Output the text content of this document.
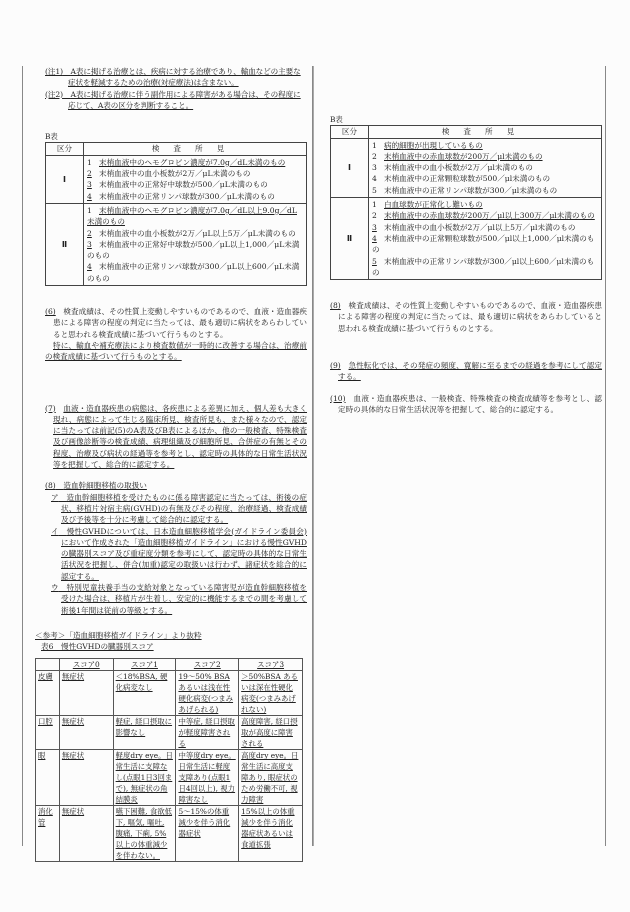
(注1)　 A表に掲げる治療とは、疾病に対する治療であり、輸血などの主要な症状を軽減するための治療(対症療法)は含まない。
(注2)　 A表に掲げる治療に伴う副作用による障害がある場合は、その程度に応じて、A表の区分を判断すること。
B表
区分	検査所見
Ⅰ	1 末梢血液中のヘモグロビン濃度が7.0g／dL未満のもの
2 末梢血液中の血小板数が2万／μL未満のもの
3 末梢血液中の正常好中球数が500／μL未満のもの
4 末梢血液中の正常リンパ球数が300／μL未満のもの

Ⅱ	1 末梢血液中のヘモグロビン濃度が7.0g／dL以上9.0g／dL未満のもの
2 末梢血液中の血小板数が2万／μL以上5万／μL未満のもの
3 末梢血液中の正常好中球数が500／μL以上1,000／μL未満のもの
4 末梢血液中の正常リンパ球数が300／μL以上600／μL未満のもの
(6)　 検査成績は、その性質上変動しやすいものであるので、血液・造血器疾患による障害の程度の判定に当たっては、最も適切に病状をあらわしていると思われる検査成績に基づいて行うものとする。
特に、輸血や補充療法により検査数値が一時的に改善する場合は、治療前の検査成績に基づいて行うものとする。
(7)　 血液・造血器疾患の病態は、各疾患による差異に加え、個人差も大きく現れ、病態によって生じる臨床所見、検査所見も、また様々なので、認定に当たっては前記(5)のA表及びB表によるほか、他の一般検査、特殊検査及び画像診断等の検査成績、病理組織及び細胞所見、合併症の有無とその程度、治療及び病状の経過等を参考とし、認定時の具体的な日常生活状況等を把握して、総合的に認定する。
(8)　 造血幹細胞移植の取扱い
ア　 造血幹細胞移植を受けたものに係る障害認定に当たっては、術後の症状、移植片対宿主病(GVHD)の有無及びその程度、治療経過、検査成績及び予後等を十分に考慮して総合的に認定する。
イ　 慢性GVHDについては、日本造血細胞移植学会(ガイドライン委員会)において作成された「造血細胞移植ガイドライン」における慢性GVHDの臓器別スコア及び重症度分類を参考にして、認定時の具体的な日常生活状況を把握し、併合(加重)認定の取扱いは行わず、諸症状を総合的に認定する。
ウ　 特別児童扶養手当の支給対象となっている障害児が造血幹細胞移植を受けた場合は、移植片が生着し、安定的に機能するまでの間を考慮して術後1年間は従前の等級とする。
＜参考＞「造血細胞移植ガイドライン」より抜粋
表6　慢性GVHDの臓器別スコア
	スコア0	スコア1	スコア2	スコア3
皮膚	無症状	＜18%BSA, 硬化病変なし	19～50% BSAあるいは浅在性硬化病変(つまみあげられる)	＞50%BSA あるいは深在性硬化病変(つまみあげれない)
口腔	無症状	軽症, 経口摂取に影響なし	中等症, 経口摂取が軽度障害される	高度障害, 経口摂取が高度に障害される
眼	無症状	軽度dry eye。日常生活に支障なし(点眼1日3回まで), 無症状の角結膜炎	中等度dry eye。日常生活に軽度支障あり(点眼1日4回以上), 視力障害なし	高度dry eye。日常生活に高度支障あり, 眼症状のため労働不可, 視力障害
消化管	無症状	嚥下困難, 食欲低下, 嘔気, 嘔吐, 腹痛, 下痢, 5%以上の体重減少を伴わない。	5～15%の体重減少を伴う消化器症状	15%以上の体重減少を伴う消化器症状あるいは食道拡張
B表
区分	検査所見
Ⅰ	1 病的細胞が出現しているもの
2 末梢血液中の赤血球数が200万／μl未満のもの
3 末梢血液中の血小板数が2万／μl未満のもの
4 末梢血液中の正常顆粒球数が500／μl未満のもの
5 末梢血液中の正常リンパ球数が300／μl未満のもの

Ⅱ	1 白血球数が正常化し難いもの
2 末梢血液中の赤血球数が200万／μl以上300万／μl未満のもの
3 末梢血液中の血小板数が2万／μl以上5万／μl未満のもの
4 末梢血液中の正常顆粒球数が500／μl以上1,000／μl未満のもの
5 末梢血液中の正常リンパ球数が300／μl以上600／μl未満のもの
(8)　 検査成績は、その性質上変動しやすいものであるので、血液・造血器疾患による障害の程度の判定に当たっては、最も適切に病状をあらわしていると思われる検査成績に基づいて行うものとする。
(9)　 急性転化では、その発症の頻度、寛解に至るまでの経過を参考にして認定する。
(10)　 血液・造血器疾患は、一般検査、特殊検査の検査成績等を参考とし、認定時の具体的な日常生活状況等を把握して、総合的に認定する。
